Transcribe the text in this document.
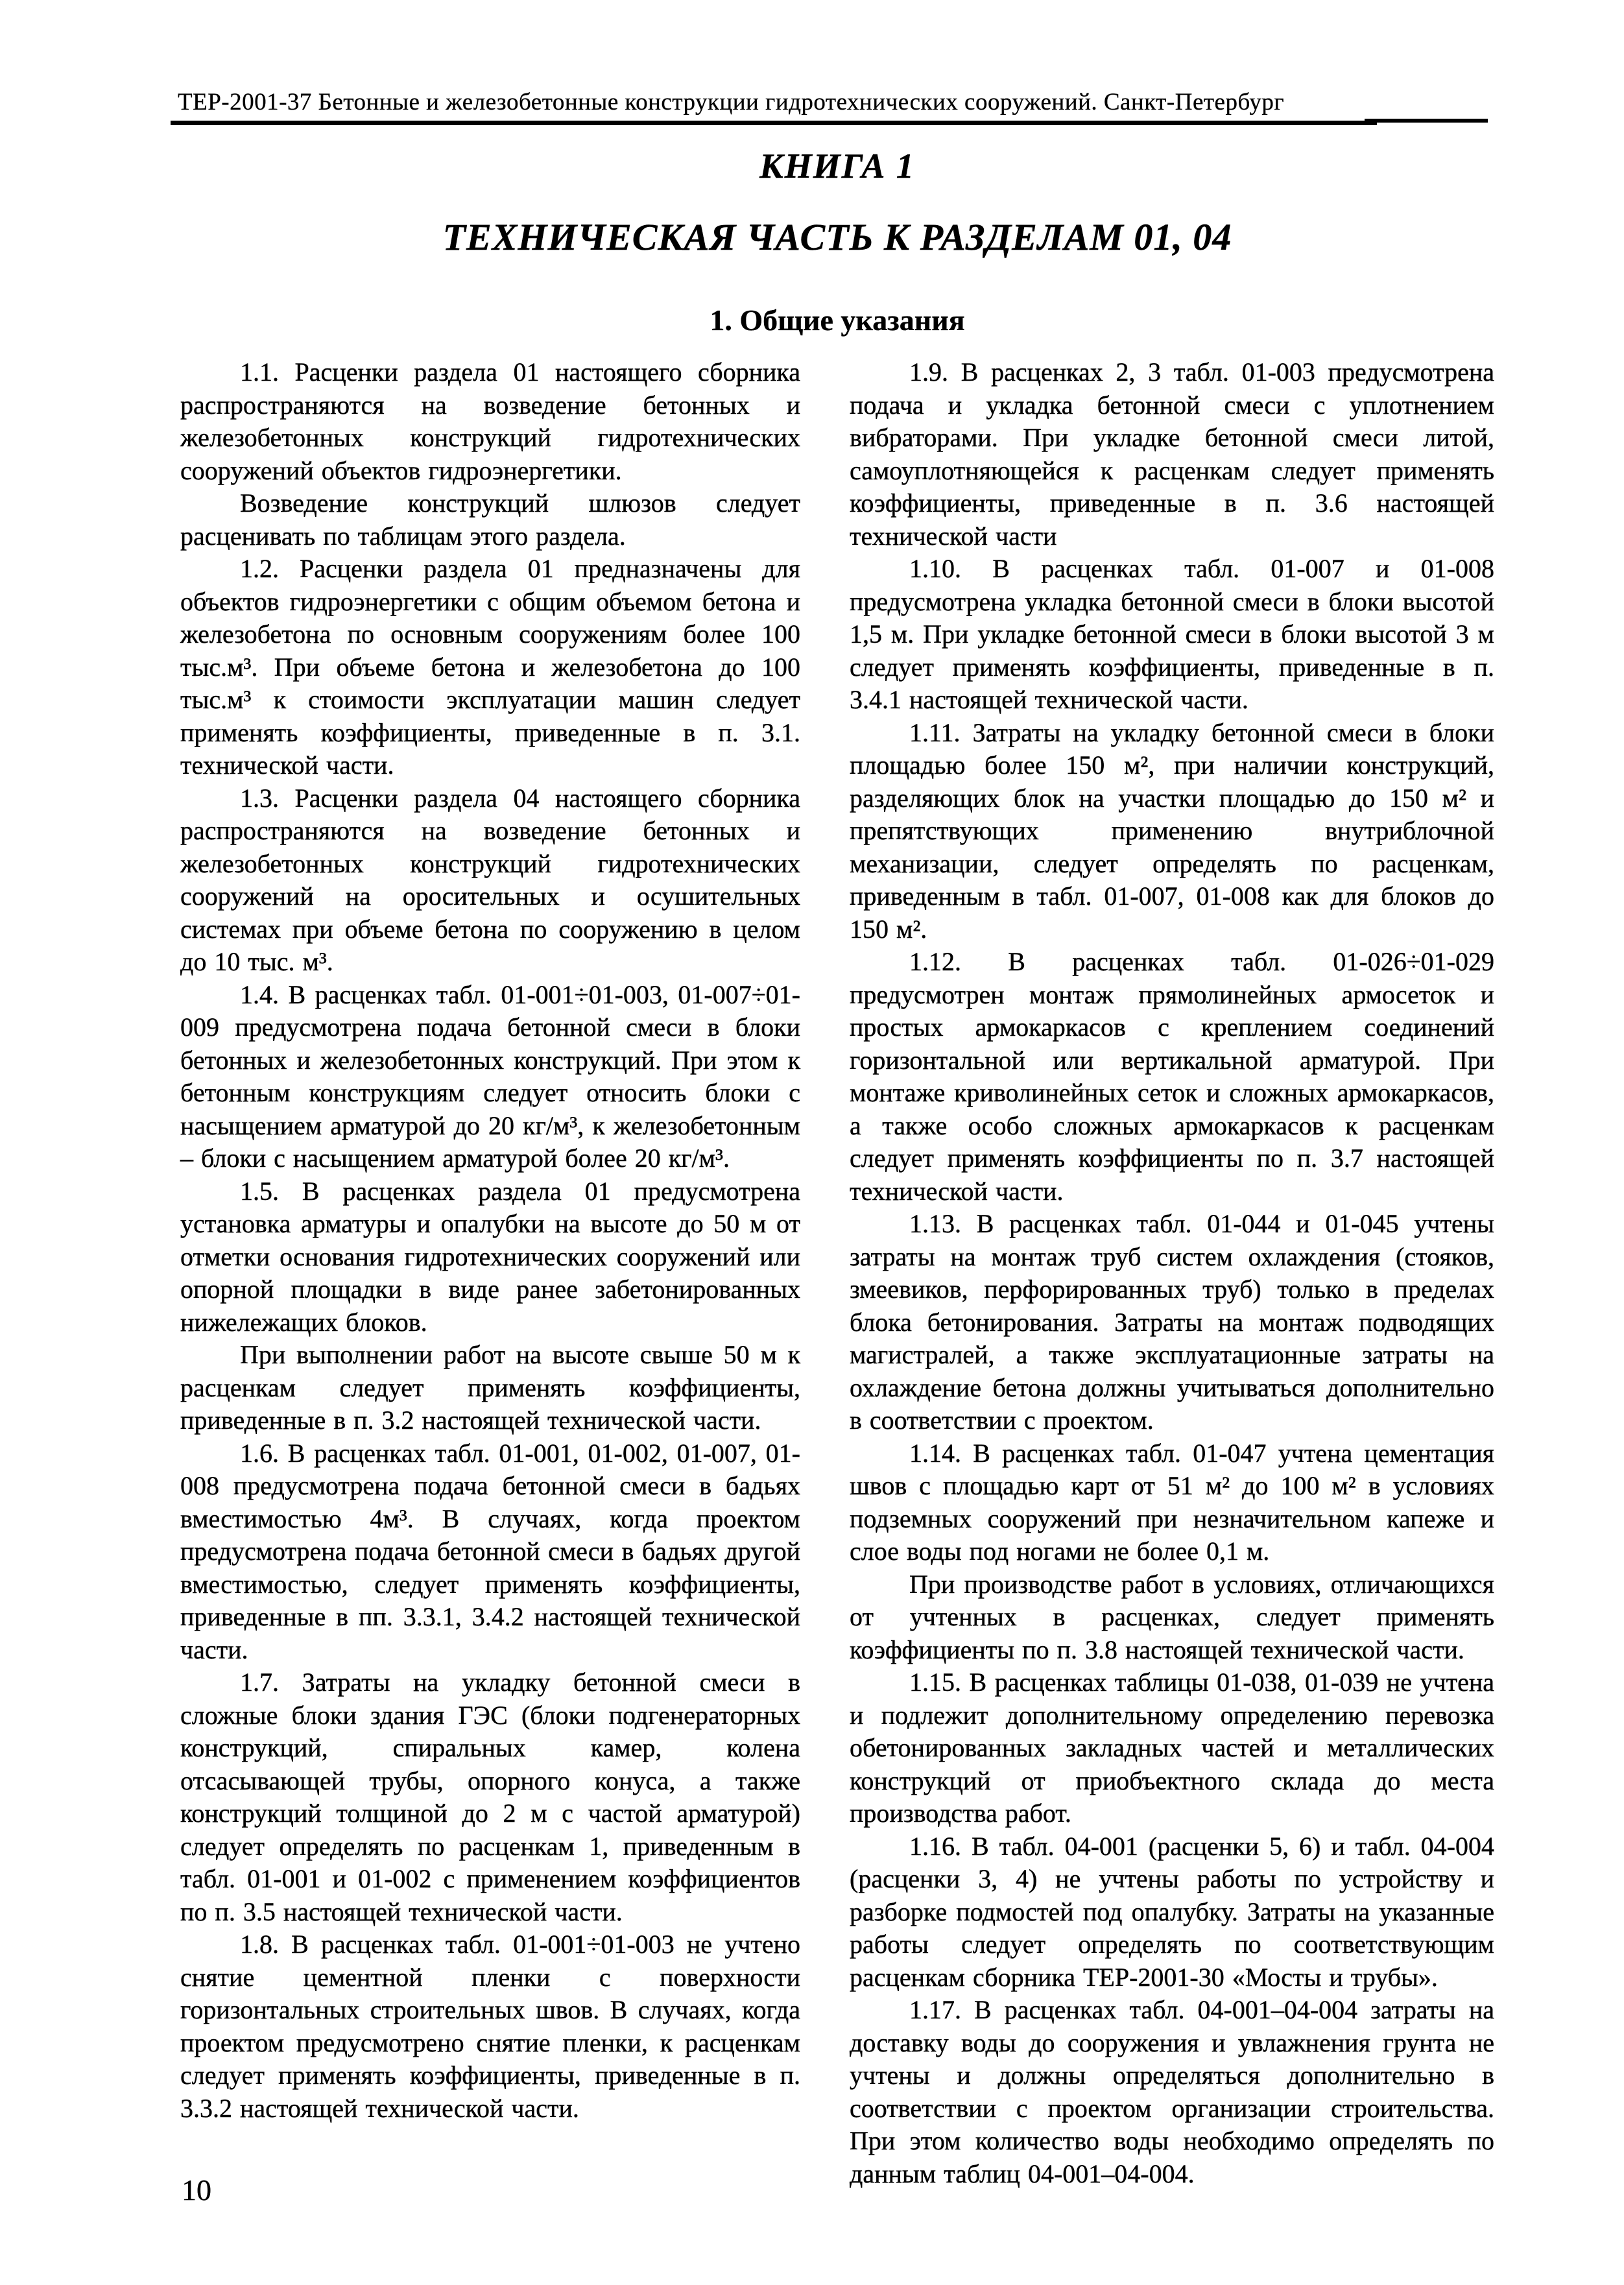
ТЕР-2001-37 Бетонные и железобетонные конструкции гидротехнических сооружений. Санкт-Петербург
КНИГА 1
ТЕХНИЧЕСКАЯ ЧАСТЬ К РАЗДЕЛАМ 01, 04
1. Общие указания

1.1. Расценки раздела 01 настоящего сборника распространяются на возведение бетонных и железобетонных конструкций гидротехнических сооружений объектов гидроэнергетики.

Возведение конструкций шлюзов следует расценивать по таблицам этого раздела.

1.2. Расценки раздела 01 предназначены для объектов гидроэнергетики с общим объемом бетона и железобетона по основным сооружениям более 100 тыс.м³. При объеме бетона и железобетона до 100 тыс.м³ к стоимости эксплуатации машин следует применять коэффициенты, приведенные в п. 3.1. технической части.

1.3. Расценки раздела 04 настоящего сборника распространяются на возведение бетонных и железобетонных конструкций гидротехнических сооружений на оросительных и осушительных системах при объеме бетона по сооружению в целом до 10 тыс. м³.

1.4. В расценках табл. 01-001÷01-003, 01-007÷01-009 предусмотрена подача бетонной смеси в блоки бетонных и железобетонных конструкций. При этом к бетонным конструкциям следует относить блоки с насыщением арматурой до 20 кг/м³, к железобетонным – блоки с насыщением арматурой более 20 кг/м³.

1.5. В расценках раздела 01 предусмотрена установка арматуры и опалубки на высоте до 50 м от отметки основания гидротехнических сооружений или опорной площадки в виде ранее забетонированных нижележащих блоков.

При выполнении работ на высоте свыше 50 м к расценкам следует применять коэффициенты, приведенные в п. 3.2 настоящей технической части.

1.6. В расценках табл. 01-001, 01-002, 01-007, 01-008 предусмотрена подача бетонной смеси в бадьях вместимостью 4м³. В случаях, когда проектом предусмотрена подача бетонной смеси в бадьях другой вместимостью, следует применять коэффициенты, приведенные в пп. 3.3.1, 3.4.2 настоящей технической части.

1.7. Затраты на укладку бетонной смеси в сложные блоки здания ГЭС (блоки подгенераторных конструкций, спиральных камер, колена отсасывающей трубы, опорного конуса, а также конструкций толщиной до 2 м с частой арматурой) следует определять по расценкам 1, приведенным в табл. 01-001 и 01-002 с применением коэффициентов по п. 3.5 настоящей технической части.

1.8. В расценках табл. 01-001÷01-003 не учтено снятие цементной пленки с поверхности горизонтальных строительных швов. В случаях, когда проектом предусмотрено снятие пленки, к расценкам следует применять коэффициенты, приведенные в п. 3.3.2 настоящей технической части.

1.9. В расценках 2, 3 табл. 01-003 предусмотрена подача и укладка бетонной смеси с уплотнением вибраторами. При укладке бетонной смеси литой, самоуплотняющейся к расценкам следует применять коэффициенты, приведенные в п. 3.6 настоящей технической части

1.10. В расценках табл. 01-007 и 01-008 предусмотрена укладка бетонной смеси в блоки высотой 1,5 м. При укладке бетонной смеси в блоки высотой 3 м следует применять коэффициенты, приведенные в п. 3.4.1 настоящей технической части.

1.11. Затраты на укладку бетонной смеси в блоки площадью более 150 м², при наличии конструкций, разделяющих блок на участки площадью до 150 м² и препятствующих применению внутриблочной механизации, следует определять по расценкам, приведенным в табл. 01-007, 01-008 как для блоков до 150 м².

1.12. В расценках табл. 01-026÷01-029 предусмотрен монтаж прямолинейных армосеток и простых армокаркасов с креплением соединений горизонтальной или вертикальной арматурой. При монтаже криволинейных сеток и сложных армокаркасов, а также особо сложных армокаркасов к расценкам следует применять коэффициенты по п. 3.7 настоящей технической части.

1.13. В расценках табл. 01-044 и 01-045 учтены затраты на монтаж труб систем охлаждения (стояков, змеевиков, перфорированных труб) только в пределах блока бетонирования. Затраты на монтаж подводящих магистралей, а также эксплуатационные затраты на охлаждение бетона должны учитываться дополнительно в соответствии с проектом.

1.14. В расценках табл. 01-047 учтена цементация швов с площадью карт от 51 м² до 100 м² в условиях подземных сооружений при незначительном капеже и слое воды под ногами не более 0,1 м.

При производстве работ в условиях, отличающихся от учтенных в расценках, следует применять коэффициенты по п. 3.8 настоящей технической части.

1.15. В расценках таблицы 01-038, 01-039 не учтена и подлежит дополнительному определению перевозка обетонированных закладных частей и металлических конструкций от приобъектного склада до места производства работ.

1.16. В табл. 04-001 (расценки 5, 6) и табл. 04-004 (расценки 3, 4) не учтены работы по устройству и разборке подмостей под опалубку. Затраты на указанные работы следует определять по соответствующим расценкам сборника ТЕР-2001-30 «Мосты и трубы».

1.17. В расценках табл. 04-001–04-004 затраты на доставку воды до сооружения и увлажнения грунта не учтены и должны определяться дополнительно в соответствии с проектом организации строительства. При этом количество воды необходимо определять по данным таблиц 04-001–04-004.

10
